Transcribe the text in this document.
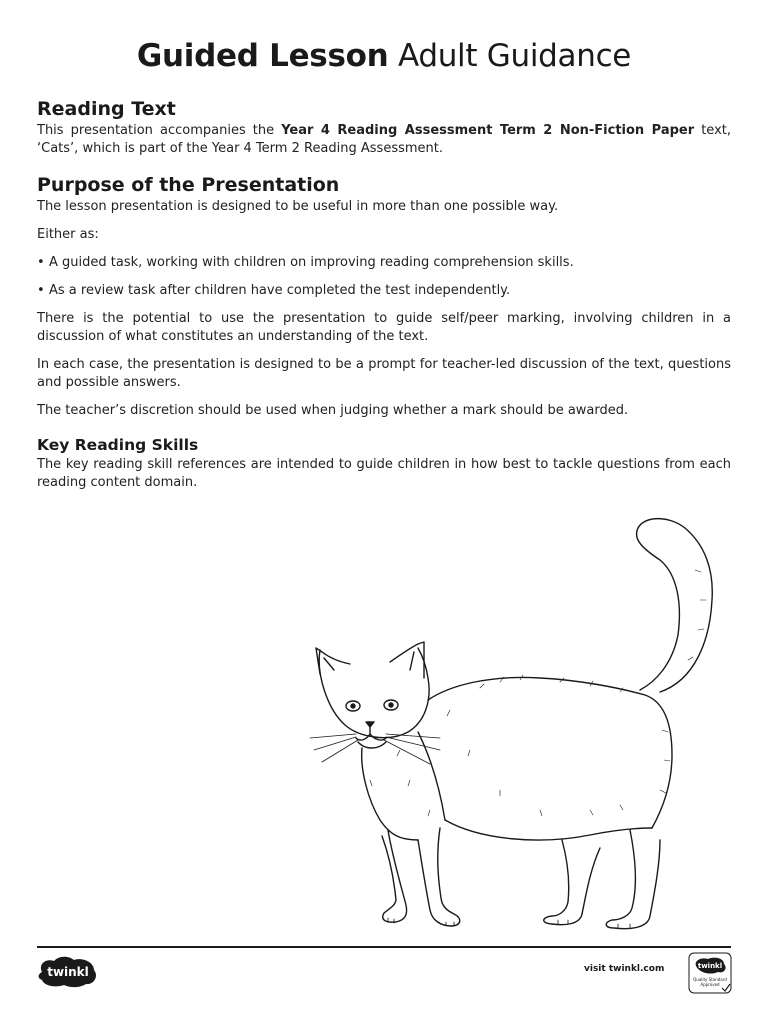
Guided Lesson Adult Guidance
Reading Text

This presentation accompanies the Year 4 Reading Assessment Term 2 Non-Fiction Paper text, ‘Cats’, which is part of the Year 4 Term 2 Reading Assessment.

Purpose of the Presentation

The lesson presentation is designed to be useful in more than one possible way.

Either as:

• A guided task, working with children on improving reading comprehension skills.
• As a review task after children have completed the test independently.

There is the potential to use the presentation to guide self/peer marking, involving children in a discussion of what constitutes an understanding of the text.

In each case, the presentation is designed to be a prompt for teacher-led discussion of the text, questions and possible answers.

The teacher’s discretion should be used when judging whether a mark should be awarded.

Key Reading Skills

The key reading skill references are intended to guide children in how best to tackle questions from each reading content domain.

twinkl	visit twinkl.com	twinkl
Quality Standard
Approved
